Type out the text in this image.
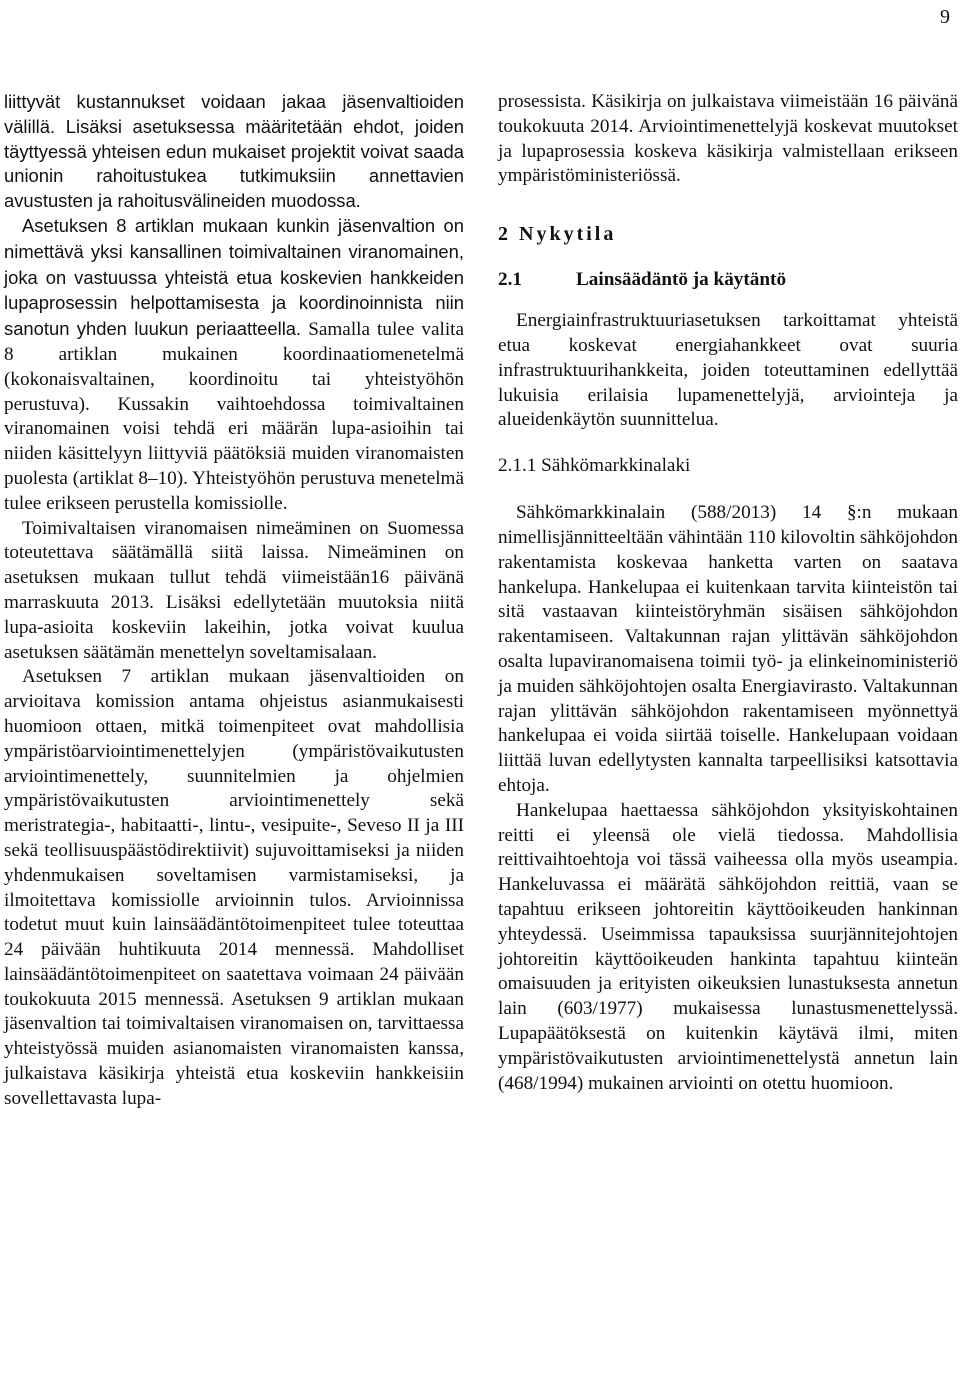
9

liittyvät kustannukset voidaan jakaa jäsenvaltioiden välillä. Lisäksi asetuksessa määritetään ehdot, joiden täyttyessä yhteisen edun mukaiset projektit voivat saada unionin rahoitustukea tutkimuksiin annettavien avustusten ja rahoitusvälineiden muodossa.

Asetuksen 8 artiklan mukaan kunkin jäsenvaltion on nimettävä yksi kansallinen toimivaltainen viranomainen, joka on vastuussa yhteistä etua koskevien hankkeiden lupaprosessin helpottamisesta ja koordinoinnista niin sanotun yhden luukun periaatteella. Samalla tulee valita 8 artiklan mukainen koordinaatiomenetelmä (kokonaisvaltainen, koordinoitu tai yhteistyöhön perustuva). Kussakin vaihtoehdossa toimivaltainen viranomainen voisi tehdä eri määrän lupa-asioihin tai niiden käsittelyyn liittyviä päätöksiä muiden viranomaisten puolesta (artiklat 8–10). Yhteistyöhön perustuva menetelmä tulee erikseen perustella komissiolle.

Toimivaltaisen viranomaisen nimeäminen on Suomessa toteutettava säätämällä siitä laissa. Nimeäminen on asetuksen mukaan tullut tehdä viimeistään16 päivänä marraskuuta 2013. Lisäksi edellytetään muutoksia niitä lupa-asioita koskeviin lakeihin, jotka voivat kuulua asetuksen säätämän menettelyn soveltamisalaan.

Asetuksen 7 artiklan mukaan jäsenvaltioiden on arvioitava komission antama ohjeistus asianmukaisesti huomioon ottaen, mitkä toimenpiteet ovat mahdollisia ympäristöarviointimenettelyjen (ympäristövaikutusten arviointimenettely, suunnitelmien ja ohjelmien ympäristövaikutusten arviointimenettely sekä meristrategia-, habitaatti-, lintu-, vesipuite-, Seveso II ja III sekä teollisuuspäästödirektiivit) sujuvoittamiseksi ja niiden yhdenmukaisen soveltamisen varmistamiseksi, ja ilmoitettava komissiolle arvioinnin tulos. Arvioinnissa todetut muut kuin lainsäädäntötoimenpiteet tulee toteuttaa 24 päivään huhtikuuta 2014 mennessä. Mahdolliset lainsäädäntötoimenpiteet on saatettava voimaan 24 päivään toukokuuta 2015 mennessä. Asetuksen 9 artiklan mukaan jäsenvaltion tai toimivaltaisen viranomaisen on, tarvittaessa yhteistyössä muiden asianomaisten viranomaisten kanssa, julkaistava käsikirja yhteistä etua koskeviin hankkeisiin sovellettavasta lupa-

prosessista. Käsikirja on julkaistava viimeistään 16 päivänä toukokuuta 2014. Arviointimenettelyjä koskevat muutokset ja lupaprosessia koskeva käsikirja valmistellaan erikseen ympäristöministeriössä.

2 Nykytila
2.1	Lainsäädäntö ja käytäntö

Energiainfrastruktuuriasetuksen tarkoittamat yhteistä etua koskevat energiahankkeet ovat suuria infrastruktuurihankkeita, joiden toteuttaminen edellyttää lukuisia erilaisia lupamenettelyjä, arviointeja ja alueidenkäytön suunnittelua.

2.1.1 Sähkömarkkinalaki

Sähkömarkkinalain (588/2013) 14 §:n mukaan nimellisjännitteeltään vähintään 110 kilovoltin sähköjohdon rakentamista koskevaa hanketta varten on saatava hankelupa. Hankelupaa ei kuitenkaan tarvita kiinteistön tai sitä vastaavan kiinteistöryhmän sisäisen sähköjohdon rakentamiseen. Valtakunnan rajan ylittävän sähköjohdon osalta lupaviranomaisena toimii työ- ja elinkeinoministeriö ja muiden sähköjohtojen osalta Energiavirasto. Valtakunnan rajan ylittävän sähköjohdon rakentamiseen myönnettyä hankelupaa ei voida siirtää toiselle. Hankelupaan voidaan liittää luvan edellytysten kannalta tarpeellisiksi katsottavia ehtoja.

Hankelupaa haettaessa sähköjohdon yksityiskohtainen reitti ei yleensä ole vielä tiedossa. Mahdollisia reittivaihtoehtoja voi tässä vaiheessa olla myös useampia. Hankeluvassa ei määrätä sähköjohdon reittiä, vaan se tapahtuu erikseen johtoreitin käyttöoikeuden hankinnan yhteydessä. Useimmissa tapauksissa suurjännitejohtojen johtoreitin käyttöoikeuden hankinta tapahtuu kiinteän omaisuuden ja erityisten oikeuksien lunastuksesta annetun lain (603/1977) mukaisessa lunastusmenettelyssä. Lupapäätöksestä on kuitenkin käytävä ilmi, miten ympäristövaikutusten arviointimenettelystä annetun lain (468/1994) mukainen arviointi on otettu huomioon.
